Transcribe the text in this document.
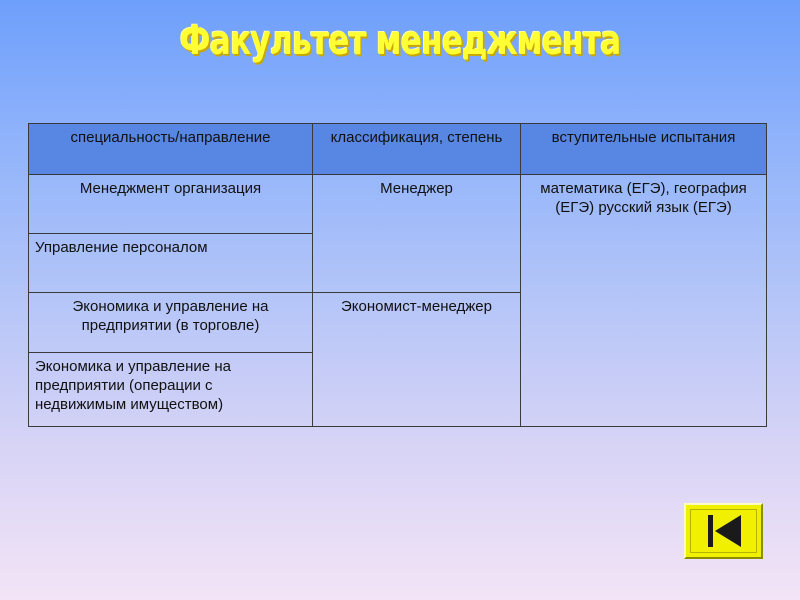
Факультет менеджмента
специальность/направление	классификация, степень	вступительные испытания
Менеджмент организация	Менеджер	математика (ЕГЭ), география (ЕГЭ) русский язык (ЕГЭ)
Управление персоналом		
Экономика и управление на предприятии (в торговле)	Экономист-менеджер	
Экономика и управление на предприятии (операции с недвижимым имуществом)		
